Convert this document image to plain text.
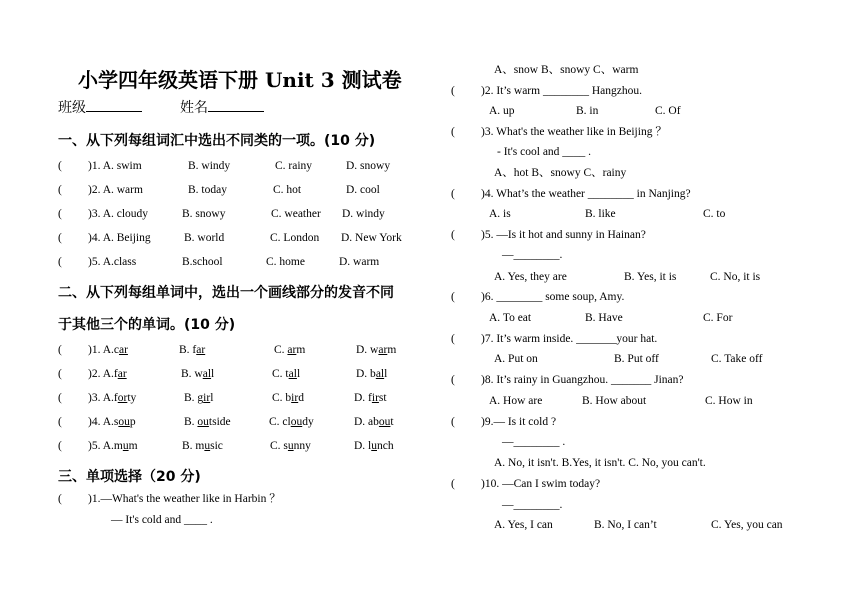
小学四年级英语下册 Unit 3 测试卷
班级	姓名
一、从下列每组词汇中选出不同类的一项。(10 分)
( )1. A. swim	B. windy	C. rainy	D. snowy
( )2. A. warm	B. today	C. hot	D. cool
( )3. A. cloudy	B. snowy	C. weather D. windy
( )4. A. Beijing	B. world	C. London D. New York
( )5. A.class	B.school	C. home	D. warm
二、从下列每组单词中，选出一个画线部分的发音不同
于其他三个的单词。(10 分)
( )1. A.car	B. far	C. arm	D. warm
( )2. A.far	B. wall	C. tall	D. ball
( )3. A.forty	B. girl	C. bird	D. first
( )4. A.soup	B. outside	C. cloudy	D. about
( )5. A.mum	B. music	C. sunny	D. lunch
三、单项选择（20 分)
( )1.—What's the weather like in Harbin ？
— It's cold and ____ .
A、snow B、snowy C、warm
( )2. It’s warm ________ Hangzhou.
A. up	B. in	C. Of
( )3. What's the weather like in Beijing ？
- It's cool and ____ .
A、hot B、snowy C、rainy
( )4. What’s the weather ________ in Nanjing?
A. is	B. like	C. to
( )5. —Is it hot and sunny in Hainan?
—________.
A. Yes, they are	B. Yes, it is	C. No, it is
( )6. ________ some soup, Amy.
A. To eat	B. Have	C. For
( )7. It’s warm inside. _______your hat.
A. Put on	B. Put off	C. Take off
( )8. It’s rainy in Guangzhou. _______ Jinan?
A. How are	B. How about	C. How in
( )9.— Is it cold ?
—________ .
A. No, it isn't. B.Yes, it isn't. C. No, you can't.
( )10. —Can I swim today?
—________.
A. Yes, I can	B. No, I can’t	C. Yes, you can
